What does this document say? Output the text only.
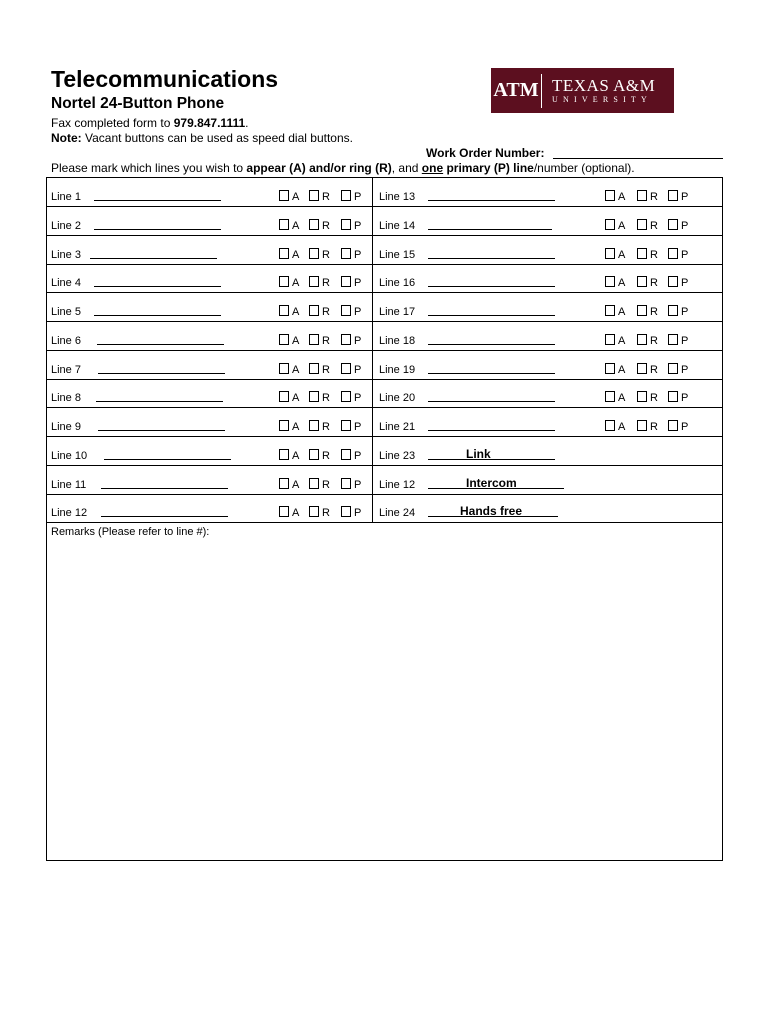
Telecommunications
Nortel 24-Button Phone
Fax completed form to 979.847.1111.
Note: Vacant buttons can be used as speed dial buttons.
ATM TEXAS A&M
UNIVERSITY
Work Order Number:
Please mark which lines you wish to appear (A) and/or ring (R), and one primary (P) line/number (optional).
Remarks (Please refer to line #):
Line 1	A R P Line 13	A R P
Line 2	A R P Line 14	A R P
Line 3	A R P Line 15	A R P
Line 4	A R P Line 16	A R P
Line 5	A R P Line 17	A R P
Line 6	A R P Line 18	A R P
Line 7	A R P Line 19	A R P
Line 8	A R P Line 20	A R P
Line 9	A R P Line 21	A R P
Line 10	A R P Line 23	Link
Line 11	A R P Line 12	Intercom
Line 12	A R P Line 24	Hands free
